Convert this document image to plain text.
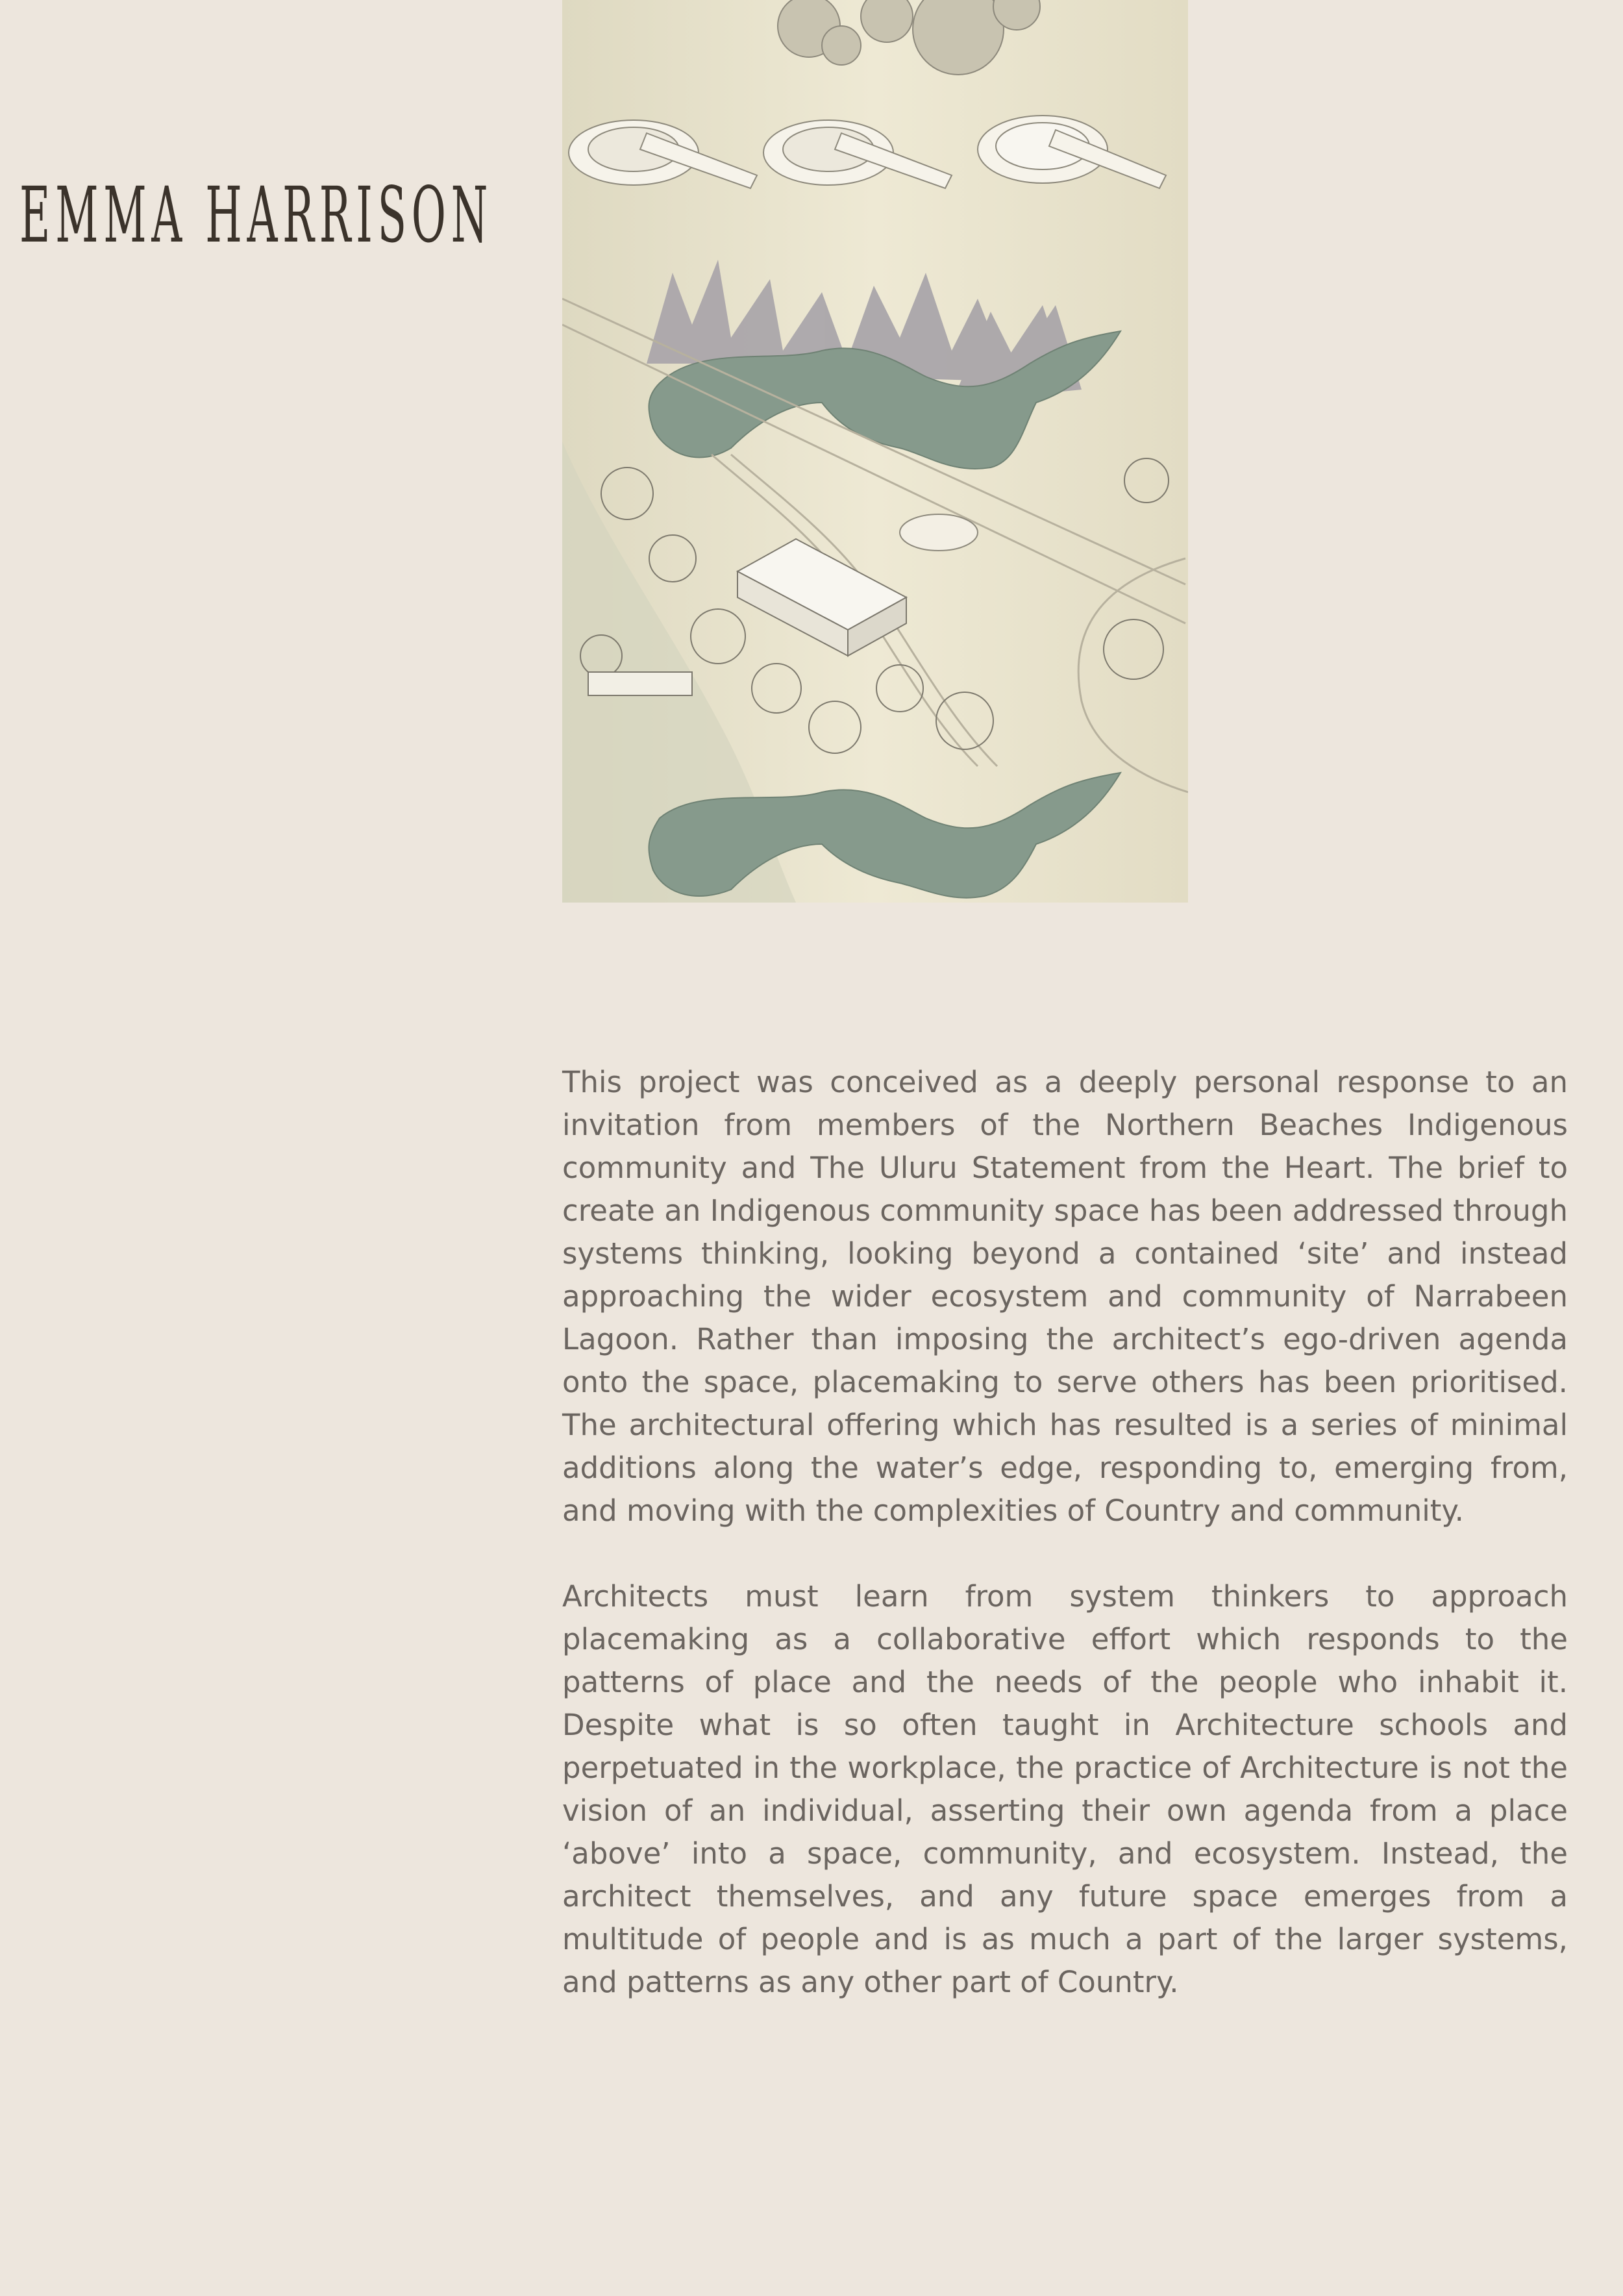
EMMA HARRISON

This project was conceived as a deeply personal response to an invitation from members of the Northern Beaches Indigenous community and The Uluru Statement from the Heart. The brief to create an Indigenous community space has been addressed through systems thinking, looking beyond a contained ‘site’ and instead approaching the wider ecosystem and community of Narrabeen Lagoon. Rather than imposing the architect’s ego-driven agenda onto the space, placemaking to serve others has been prioritised. The architectural offering which has resulted is a series of minimal additions along the water’s edge, responding to, emerging from, and moving with the complexities of Country and community.

Architects must learn from system thinkers to approach placemaking as a collaborative effort which responds to the patterns of place and the needs of the people who inhabit it. Despite what is so often taught in Architecture schools and perpetuated in the workplace, the practice of Architecture is not the vision of an individual, asserting their own agenda from a place ‘above’ into a space, community, and ecosystem. Instead, the architect themselves, and any future space emerges from a multitude of people and is as much a part of the larger systems, and patterns as any other part of Country.
